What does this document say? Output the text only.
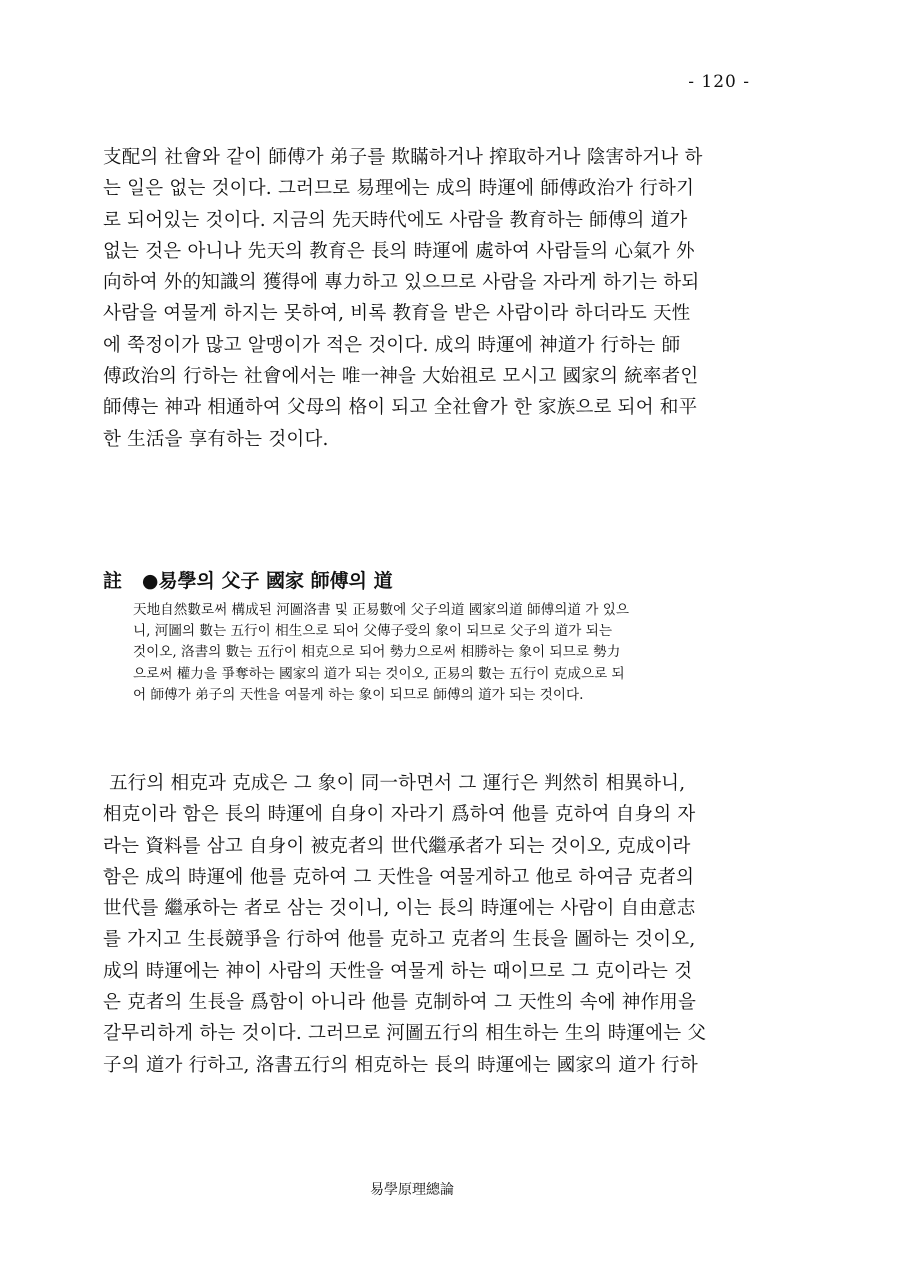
- 120 -
支配의 社會와 같이 師傅가 弟子를 欺瞞하거나 搾取하거나 陰害하거나 하
는 일은 없는 것이다. 그러므로 易理에는 成의 時運에 師傅政治가 行하기
로 되어있는 것이다. 지금의 先天時代에도 사람을 教育하는 師傅의 道가
없는 것은 아니나 先天의 教育은 長의 時運에 處하여 사람들의 心氣가 外
向하여 外的知識의 獲得에 專力하고 있으므로 사람을 자라게 하기는 하되
사람을 여물게 하지는 못하여, 비록 教育을 받은 사람이라 하더라도 天性
에 쭉정이가 많고 알맹이가 적은 것이다. 成의 時運에 神道가 行하는 師
傅政治의 行하는 社會에서는 唯一神을 大始祖로 모시고 國家의 統率者인
師傅는 神과 相通하여 父母의 格이 되고 全社會가 한 家族으로 되어 和平
한 生活을 享有하는 것이다.
註 ●易學의 父子 國家 師傅의 道
天地自然數로써 構成된 河圖洛書 및 正易數에 父子의道 國家의道 師傅의道 가 있으
니, 河圖의 數는 五行이 相生으로 되어 父傳子受의 象이 되므로 父子의 道가 되는
것이오, 洛書의 數는 五行이 相克으로 되어 勢力으로써 相勝하는 象이 되므로 勢力
으로써 權力을 爭奪하는 國家의 道가 되는 것이오, 正易의 數는 五行이 克成으로 되
어 師傅가 弟子의 天性을 여물게 하는 象이 되므로 師傅의 道가 되는 것이다.
五行의 相克과 克成은 그 象이 同一하면서 그 運行은 判然히 相異하니,
相克이라 함은 長의 時運에 自身이 자라기 爲하여 他를 克하여 自身의 자
라는 資料를 삼고 自身이 被克者의 世代繼承者가 되는 것이오, 克成이라
함은 成의 時運에 他를 克하여 그 天性을 여물게하고 他로 하여금 克者의
世代를 繼承하는 者로 삼는 것이니, 이는 長의 時運에는 사람이 自由意志
를 가지고 生長競爭을 行하여 他를 克하고 克者의 生長을 圖하는 것이오,
成의 時運에는 神이 사람의 天性을 여물게 하는 때이므로 그 克이라는 것
은 克者의 生長을 爲함이 아니라 他를 克制하여 그 天性의 속에 神作用을
갈무리하게 하는 것이다. 그러므로 河圖五行의 相生하는 生의 時運에는 父
子의 道가 行하고, 洛書五行의 相克하는 長의 時運에는 國家의 道가 行하
易學原理總論
